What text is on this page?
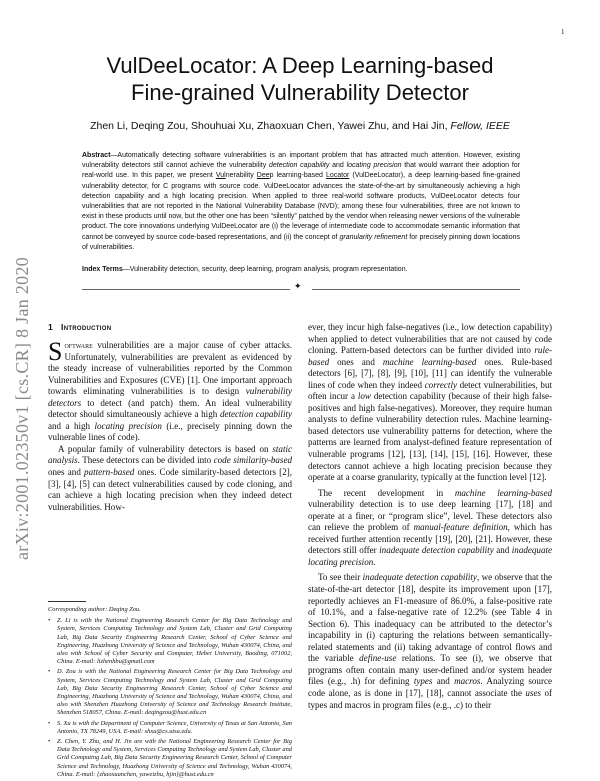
1
arXiv:2001.02350v1 [cs.CR] 8 Jan 2020
VulDeeLocator: A Deep Learning-based
Fine-grained Vulnerability Detector
Zhen Li, Deqing Zou, Shouhuai Xu, Zhaoxuan Chen, Yawei Zhu, and Hai Jin, Fellow, IEEE
Abstract—Automatically detecting software vulnerabilities is an important problem that has attracted much attention. However, existing vulnerability detectors still cannot achieve the vulnerability detection capability and locating precision that would warrant their adoption for real-world use. In this paper, we present Vulnerability Deep learning-based Locator (VulDeeLocator), a deep learning-based fine-grained vulnerability detector, for C programs with source code. VulDeeLocator advances the state-of-the-art by simultaneously achieving a high detection capability and a high locating precision. When applied to three real-world software products, VulDeeLocator detects four vulnerabilities that are not reported in the National Vulnerability Database (NVD); among these four vulnerabilities, three are not known to exist in these products until now, but the other one has been “silently” patched by the vendor when releasing newer versions of the vulnerable product. The core innovations underlying VulDeeLocator are (i) the leverage of intermediate code to accommodate semantic information that cannot be conveyed by source code-based representations, and (ii) the concept of granularity refinement for precisely pinning down locations of vulnerabilities.
Index Terms—Vulnerability detection, security, deep learning, program analysis, program representation.
✦
1 Introduction

Software vulnerabilities are a major cause of cyber attacks. Unfortunately, vulnerabilities are prevalent as evidenced by the steady increase of vulnerabilities reported by the Common Vulnerabilities and Exposures (CVE) [1]. One important approach towards eliminating vulnerabilities is to design vulnerability detectors to detect (and patch) them. An ideal vulnerability detector should simultaneously achieve a high detection capability and a high locating precision (i.e., precisely pinning down the vulnerable lines of code).

A popular family of vulnerability detectors is based on static analysis. These detectors can be divided into code similarity-based ones and pattern-based ones. Code similarity-based detectors [2], [3], [4], [5] can detect vulnerabilities caused by code cloning, and can achieve a high locating precision when they indeed detect vulnerabilities. How-

Corresponding author: Deqing Zou.
• Z. Li is with the National Engineering Research Center for Big Data Technology and System, Services Computing Technology and System Lab, Cluster and Grid Computing Lab, Big Data Security Engineering Research Center, School of Cyber Science and Engineering, Huazhong University of Science and Technology, Wuhan 430074, China, and also with School of Cyber Security and Computer, Hebei University, Baoding, 071002, China. E-mail: lizhenhbu@gmail.com
• D. Zou is with the National Engineering Research Center for Big Data Technology and System, Services Computing Technology and System Lab, Cluster and Grid Computing Lab, Big Data Security Engineering Research Center, School of Cyber Science and Engineering, Huazhong University of Science and Technology, Wuhan 430074, China, and also with Shenzhen Huazhong University of Science and Technology Research Institute, Shenzhen 518057, China. E-mail: deqingzou@hust.edu.cn
• S. Xu is with the Department of Computer Science, University of Texas at San Antonio, San Antonio, TX 78249, USA. E-mail: shxu@cs.utsa.edu.
• Z. Chen, Y. Zhu, and H. Jin are with the National Engineering Research Center for Big Data Technology and System, Services Computing Technology and System Lab, Cluster and Grid Computing Lab, Big Data Security Engineering Research Center, School of Computer Science and Technology, Huazhong University of Science and Technology, Wuhan 430074, China. E-mail: {zhaoxuanchen, yaweizhu, hjin}@hust.edu.cn

ever, they incur high false-negatives (i.e., low detection capability) when applied to detect vulnerabilities that are not caused by code cloning. Pattern-based detectors can be further divided into rule-based ones and machine learning-based ones. Rule-based detectors [6], [7], [8], [9], [10], [11] can identify the vulnerable lines of code when they indeed correctly detect vulnerabilities, but often incur a low detection capability (because of their high false-positives and high false-negatives). Moreover, they require human analysts to define vulnerability detection rules. Machine learning-based detectors use vulnerability patterns for detection, where the patterns are learned from analyst-defined feature representation of vulnerable programs [12], [13], [14], [15], [16]. However, these detectors cannot achieve a high locating precision because they operate at a coarse granularity, typically at the function level [12].

The recent development in machine learning-based vulnerability detection is to use deep learning [17], [18] and operate at a finer, or “program slice”, level. These detectors also can relieve the problem of manual-feature definition, which has received further attention recently [19], [20], [21]. However, these detectors still offer inadequate detection capability and inadequate locating precision.

To see their inadequate detection capability, we observe that the state-of-the-art detector [18], despite its improvement upon [17], reportedly achieves an F1-measure of 86.0%, a false-positive rate of 10.1%, and a false-negative rate of 12.2% (see Table 4 in Section 6). This inadequacy can be attributed to the detector’s incapability in (i) capturing the relations between semantically-related statements and (ii) taking advantage of control flows and the variable define-use relations. To see (i), we observe that programs often contain many user-defined and/or system header files (e.g., .h) for defining types and macros. Analyzing source code alone, as is done in [17], [18], cannot associate the uses of types and macros in program files (e.g., .c) to their
